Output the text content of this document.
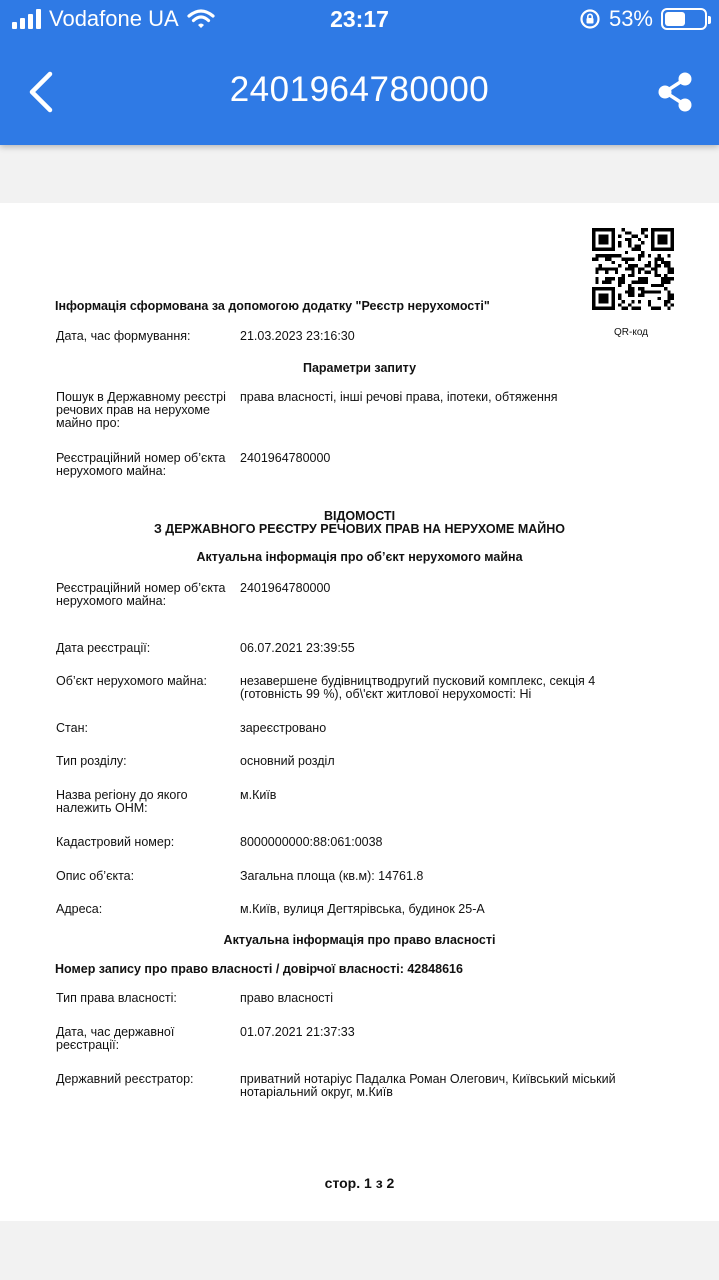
Vodafone UA	23:17	53%
2401964780000
QR-код
Інформація сформована за допомогою додатку "Реєстр нерухомості"
Дата, час формування:	21.03.2023 23:16:30
Параметри запиту
Пошук в Державному реєстрі речових прав на нерухоме майно про:
права власності, інші речові права, іпотеки, обтяження
Реєстраційний номер об’єкта нерухомого майна:
2401964780000
ВІДОМОСТІ
З ДЕРЖАВНОГО РЕЄСТРУ РЕЧОВИХ ПРАВ НА НЕРУХОМЕ МАЙНО
Актуальна інформація про об’єкт нерухомого майна
Реєстраційний номер об’єкта нерухомого майна:
2401964780000
Дата реєстрації:	06.07.2021 23:39:55
Об’єкт нерухомого майна:	незавершене будівництводругий пусковий комплекс, секція 4 (готовність 99 %), об\'єкт житлової нерухомості: Ні
Стан:	зареєстровано
Тип розділу:	основний розділ
Назва регіону до якого належить ОНМ:
м.Київ
Кадастровий номер:	8000000000:88:061:0038
Опис об’єкта:	Загальна площа (кв.м): 14761.8
Адреса:	м.Київ, вулиця Дегтярівська, будинок 25-А
Актуальна інформація про право власності
Номер запису про право власності / довірчої власності: 42848616
Тип права власності:	право власності
Дата, час державної реєстрації:
01.07.2021 21:37:33
Державний реєстратор:	приватний нотаріус Падалка Роман Олегович, Київський міський нотаріальний округ, м.Київ
стор. 1 з 2
